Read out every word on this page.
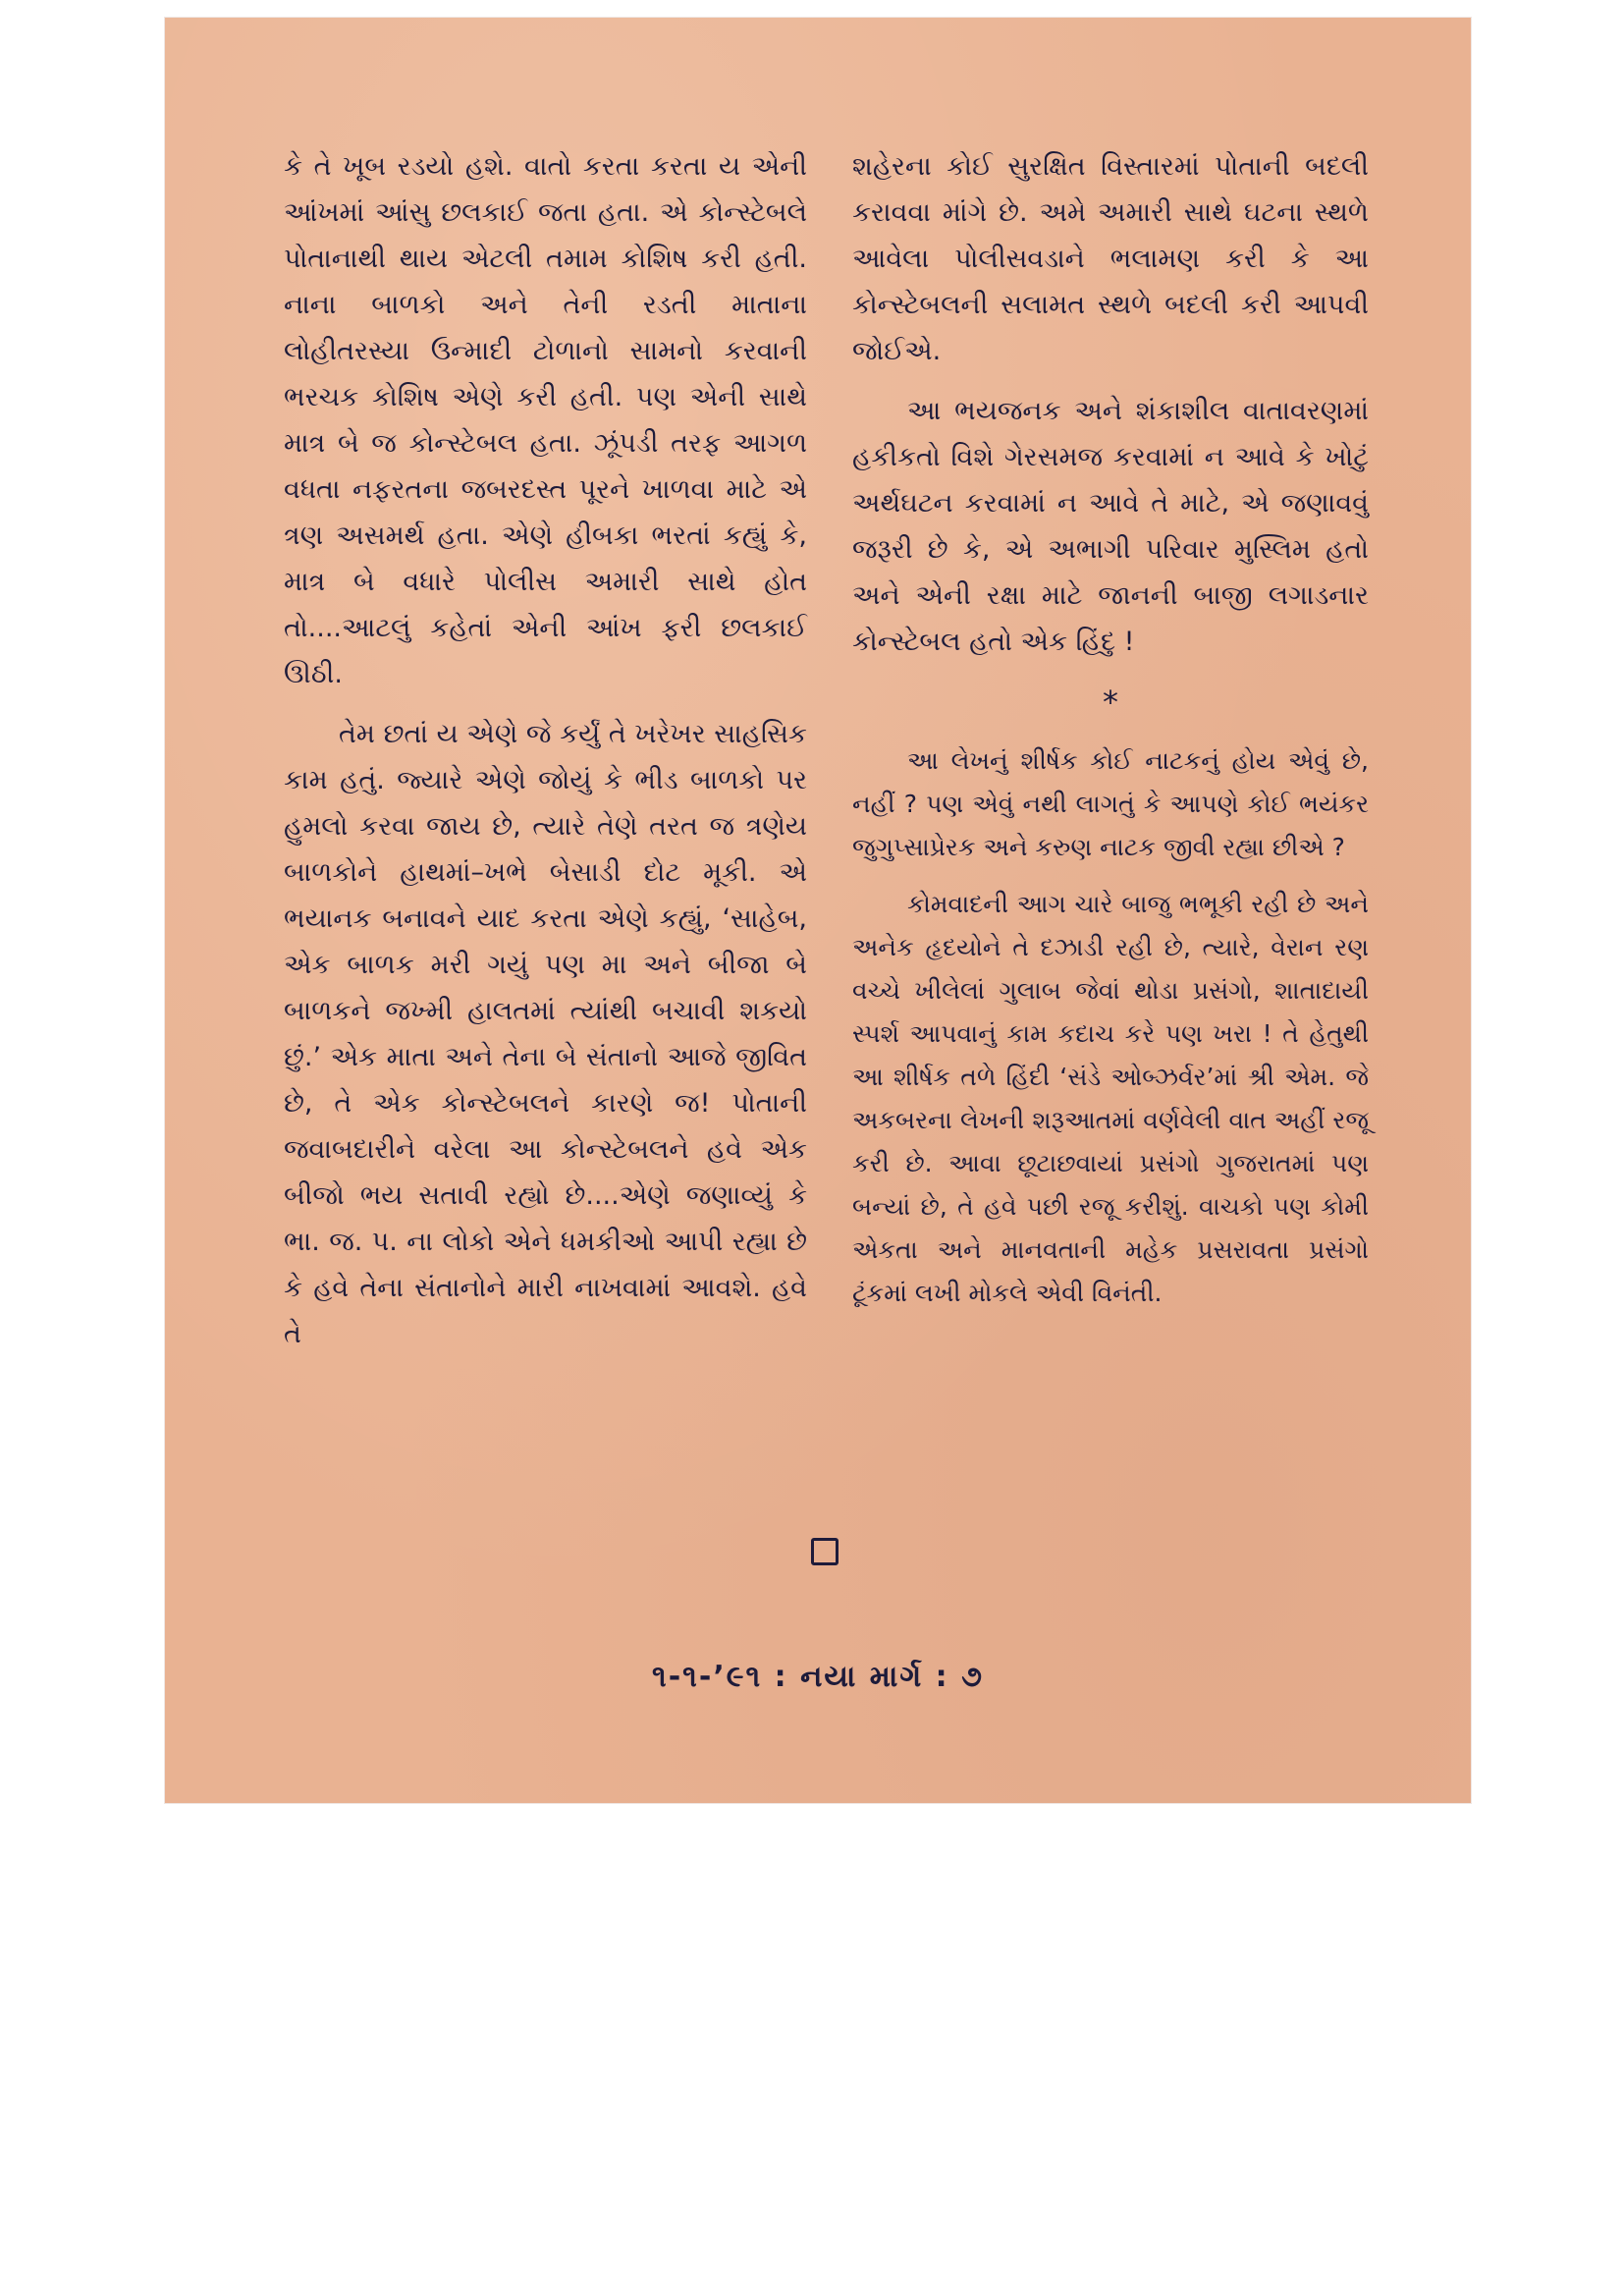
કે તે ખૂબ રડયો હશે. વાતો કરતા કરતા ય એની આંખમાં આંસુ છલકાઈ જતા હતા. એ કોન્સ્ટેબલે પોતાનાથી થાય એટલી તમામ કોશિષ કરી હતી. નાના બાળકો અને તેની રડતી માતાના લોહીતરસ્યા ઉન્માદી ટોળાનો સામનો કરવાની ભરચક કોશિષ એણે કરી હતી. પણ એની સાથે માત્ર બે જ કોન્સ્ટેબલ હતા. ઝૂંપડી તરફ આગળ વધતા નફરતના જબરદસ્ત પૂરને ખાળવા માટે એ ત્રણ અસમર્થ હતા. એણે હીબકા ભરતાં કહ્યું કે, માત્ર બે વધારે પોલીસ અમારી સાથે હોત તો....આટલું કહેતાં એની આંખ ફરી છલકાઈ ઊઠી.

તેમ છતાં ય એણે જે કર્યું તે ખરેખર સાહસિક કામ હતું. જ્યારે એણે જોયું કે ભીડ બાળકો પર હુમલો કરવા જાય છે, ત્યારે તેણે તરત જ ત્રણેય બાળકોને હાથમાં–ખભે બેસાડી દોટ મૂકી. એ ભયાનક બનાવને યાદ કરતા એણે કહ્યું, ‘સાહેબ, એક બાળક મરી ગયું પણ મા અને બીજા બે બાળકને જખ્મી હાલતમાં ત્યાંથી બચાવી શકયો છું.’ એક માતા અને તેના બે સંતાનો આજે જીવિત છે, તે એક કોન્સ્ટેબલને કારણે જ! પોતાની જવાબદારીને વરેલા આ કોન્સ્ટેબલને હવે એક બીજો ભય સતાવી રહ્યો છે....એણે જણાવ્યું કે ભા. જ. પ. ના લોકો એને ધમકીઓ આપી રહ્યા છે કે હવે તેના સંતાનોને મારી નાખવામાં આવશે. હવે તે

શહેરના કોઈ સુરક્ષિત વિસ્તારમાં પોતાની બદલી કરાવવા માંગે છે. અમે અમારી સાથે ઘટના સ્થળે આવેલા પોલીસવડાને ભલામણ કરી કે આ કોન્સ્ટેબલની સલામત સ્થળે બદલી કરી આપવી જોઈએ.

આ ભયજનક અને શંકાશીલ વાતાવરણમાં હકીકતો વિશે ગેરસમજ કરવામાં ન આવે કે ખોટું અર્થઘટન કરવામાં ન આવે તે માટે, એ જણાવવું જરૂરી છે કે, એ અભાગી પરિવાર મુસ્લિમ હતો અને એની રક્ષા માટે જાનની બાજી લગાડનાર કોન્સ્ટેબલ હતો એક હિંદુ !

*

આ લેખનું શીર્ષક કોઈ નાટકનું હોય એવું છે, નહીં ? પણ એવું નથી લાગતું કે આપણે કોઈ ભયંકર જુગુપ્સાપ્રેરક અને કરુણ નાટક જીવી રહ્યા છીએ ?

કોમવાદની આગ ચારે બાજુ ભભૂકી રહી છે અને અનેક હૃદયોને તે દઝાડી રહી છે, ત્યારે, વેરાન રણ વચ્ચે ખીલેલાં ગુલાબ જેવાં થોડા પ્રસંગો, શાતાદાયી સ્પર્શ આપવાનું કામ કદાચ કરે પણ ખરા ! તે હેતુથી આ શીર્ષક તળે હિંદી ‘સંડે ઓબ્ઝર્વર’માં શ્રી એમ. જે અકબરના લેખની શરૂઆતમાં વર્ણવેલી વાત અહીં રજૂ કરી છે. આવા છૂટાછવાયાં પ્રસંગો ગુજરાતમાં પણ બન્યાં છે, તે હવે પછી રજૂ કરીશું. વાચકો પણ કોમી એકતા અને માનવતાની મહેક પ્રસરાવતા પ્રસંગો ટૂંકમાં લખી મોકલે એવી વિનંતી.

૧-૧-’૯૧ : નયા માર્ગ : ૭
